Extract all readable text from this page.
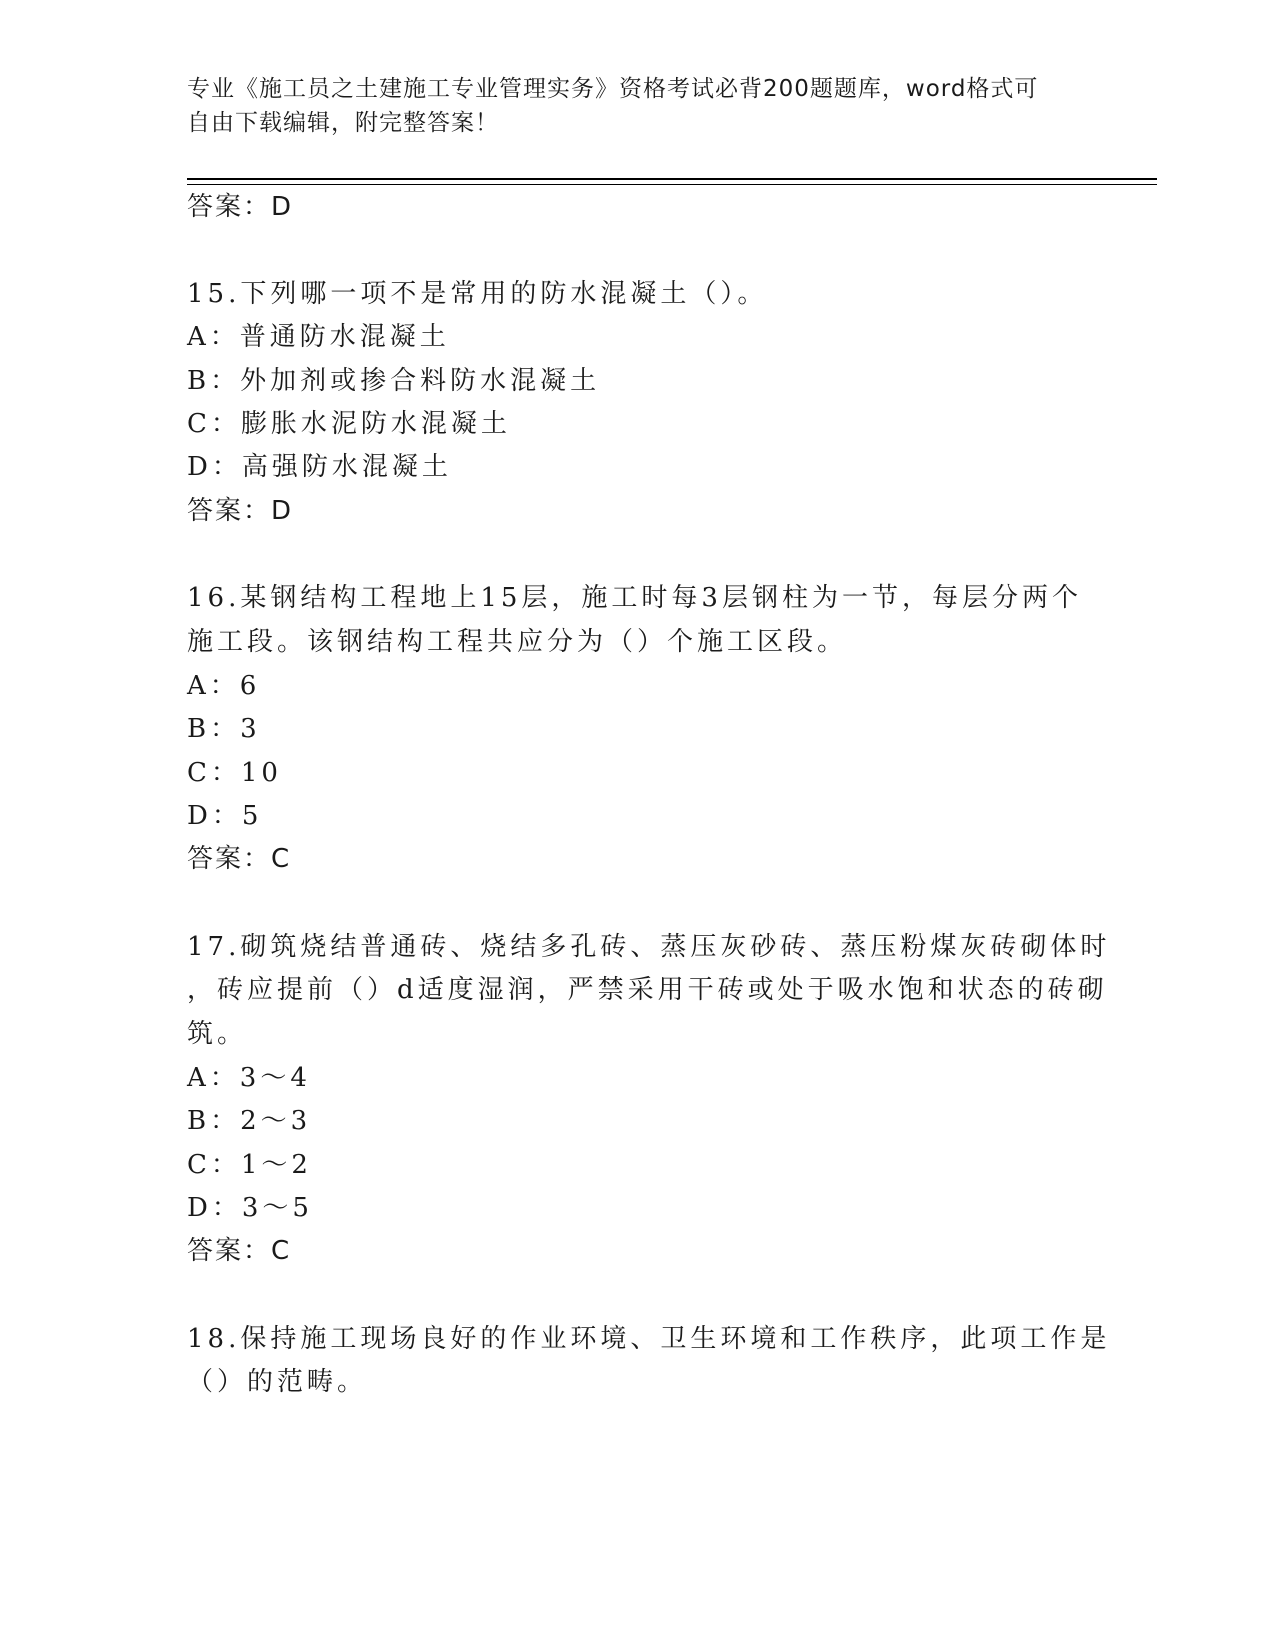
专业《施工员之土建施工专业管理实务》资格考试必背200题题库，word格式可
自由下载编辑，附完整答案！
答案：D
15.下列哪一项不是常用的防水混凝土（）。
A：普通防水混凝土
B：外加剂或掺合料防水混凝土
C：膨胀水泥防水混凝土
D：高强防水混凝土
答案：D
16.某钢结构工程地上15层，施工时每3层钢柱为一节，每层分两个
施工段。该钢结构工程共应分为（）个施工区段。
A：6
B：3
C：10
D：5
答案：C
17.砌筑烧结普通砖、烧结多孔砖、蒸压灰砂砖、蒸压粉煤灰砖砌体时
，砖应提前（）d适度湿润，严禁采用干砖或处于吸水饱和状态的砖砌
筑。
A：3～4
B：2～3
C：1～2
D：3～5
答案：C
18.保持施工现场良好的作业环境、卫生环境和工作秩序，此项工作是
（）的范畴。
